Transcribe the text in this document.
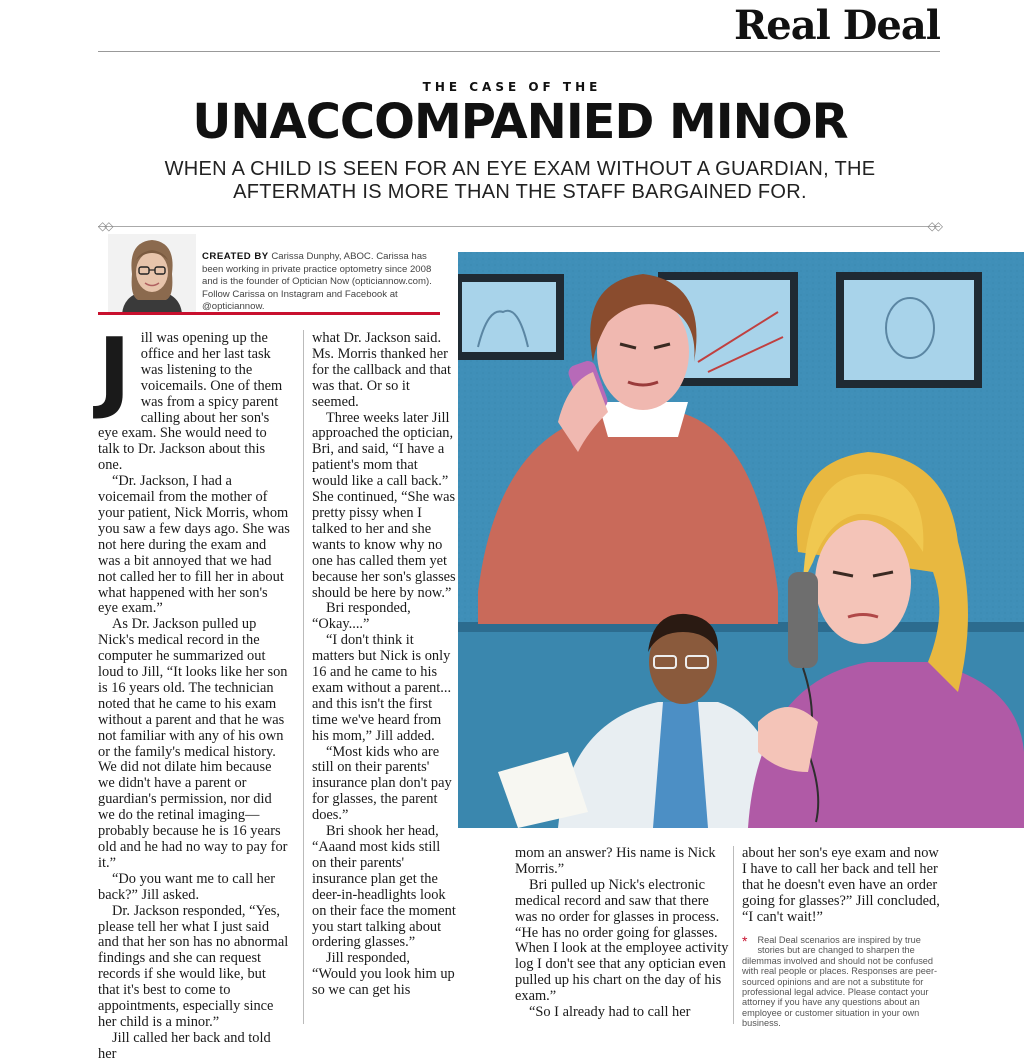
Real Deal
THE CASE OF THE
UNACCOMPANIED MINOR
WHEN A CHILD IS SEEN FOR AN EYE EXAM WITHOUT A GUARDIAN, THE AFTERMATH IS MORE THAN THE STAFF BARGAINED FOR.
◇◇	◇◇
CREATED BY Carissa Dunphy, ABOC. Carissa has been working in private practice optometry since 2008 and is the founder of Optician Now (opticiannow.com). Follow Carissa on Instagram and Facebook at @opticiannow.
J ill was opening up the office and her last task was listening to the voicemails. One of them was from a spicy parent calling about her son's eye exam. She would need to talk to Dr. Jackson about this one.

“Dr. Jackson, I had a voicemail from the mother of your patient, Nick Morris, whom you saw a few days ago. She was not here during the exam and was a bit annoyed that we had not called her to fill her in about what happened with her son's eye exam.”

As Dr. Jackson pulled up Nick's medical record in the computer he summarized out loud to Jill, “It looks like her son is 16 years old. The technician noted that he came to his exam without a parent and that he was not familiar with any of his own or the family's medical history. We did not dilate him because we didn't have a parent or guardian's permission, nor did we do the retinal imaging—probably because he is 16 years old and he had no way to pay for it.”

“Do you want me to call her back?” Jill asked.

Dr. Jackson responded, “Yes, please tell her what I just said and that her son has no abnormal findings and she can request records if she would like, but that it's best to come to appointments, especially since her child is a minor.”

Jill called her back and told her

what Dr. Jackson said. Ms. Morris thanked her for the callback and that was that. Or so it seemed.

Three weeks later Jill approached the optician, Bri, and said, “I have a patient's mom that would like a call back.” She continued, “She was pretty pissy when I talked to her and she wants to know why no one has called them yet because her son's glasses should be here by now.”

Bri responded, “Okay....”

“I don't think it matters but Nick is only 16 and he came to his exam without a parent... and this isn't the first time we've heard from his mom,” Jill added.

“Most kids who are still on their parents' insurance plan don't pay for glasses, the parent does.”

Bri shook her head, “Aaand most kids still on their parents' insurance plan get the deer-in-headlights look on their face the moment you start talking about ordering glasses.”

Jill responded, “Would you look him up so we can get his

mom an answer? His name is Nick Morris.”

Bri pulled up Nick's electronic medical record and saw that there was no order for glasses in process. “He has no order going for glasses. When I look at the employee activity log I don't see that any optician even pulled up his chart on the day of his exam.”

“So I already had to call her

about her son's eye exam and now I have to call her back and tell her that he doesn't even have an order going for glasses?” Jill concluded, “I can't wait!”

* Real Deal scenarios are inspired by true stories but are changed to sharpen the dilemmas involved and should not be confused with real people or places. Responses are peer-sourced opinions and are not a substitute for professional legal advice. Please contact your attorney if you have any questions about an employee or customer situation in your own business.
